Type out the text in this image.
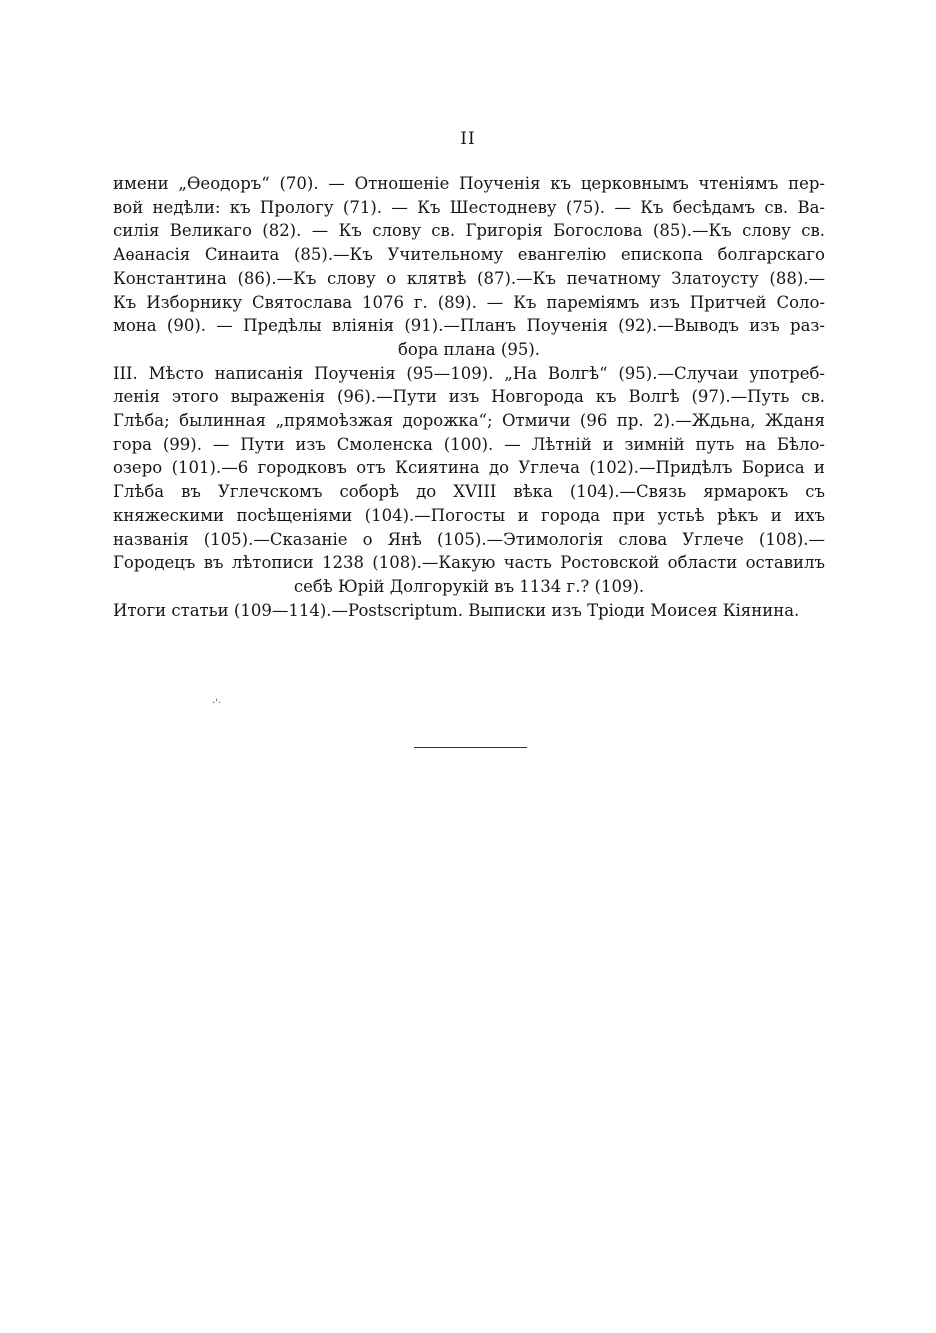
II
имени „Ѳеодоръ“ (70). — Отношеніе Поученія къ церковнымъ чтеніямъ пер-
вой недѣли: къ Прологу (71). — Къ Шестодневу (75). — Къ бесѣдамъ св. Ва-
силія Великаго (82). — Къ слову св. Григорія Богослова (85).—Къ слову св.
Аѳанасія Синаита (85).—Къ Учительному евангелію епископа болгарскаго
Константина (86).—Къ слову о клятвѣ (87).—Къ печатному Златоусту (88).—
Къ Изборнику Святослава 1076 г. (89). — Къ пареміямъ изъ Притчей Соло-
мона (90). — Предѣлы вліянія (91).—Планъ Поученія (92).—Выводъ изъ раз-
бора плана (95).
III. Мѣсто написанія Поученія (95—109). „На Волгѣ“ (95).—Случаи употреб-
ленія этого выраженія (96).—Пути изъ Новгорода къ Волгѣ (97).—Путь св.
Глѣба; былинная „прямоѣзжая дорожка“; Отмичи (96 пр. 2).—Ждьна, Жданя
гора (99). — Пути изъ Смоленска (100). — Лѣтній и зимній путь на Бѣло-
озеро (101).—6 городковъ отъ Ксиятина до Углеча (102).—Придѣлъ Бориса и
Глѣба въ Углечскомъ соборѣ до XVIII вѣка (104).—Связь ярмарокъ съ
княжескими посѣщеніями (104).—Погосты и города при устьѣ рѣкъ и ихъ
названія (105).—Сказаніе о Янѣ (105).—Этимологія слова Углече (108).—
Городецъ въ лѣтописи 1238 (108).—Какую часть Ростовской области оставилъ
себѣ Юрій Долгорукій въ 1134 г.? (109).
Итоги статьи (109—114).—Postscriptum. Выписки изъ Тріоди Моисея Кіянина.
·'·
